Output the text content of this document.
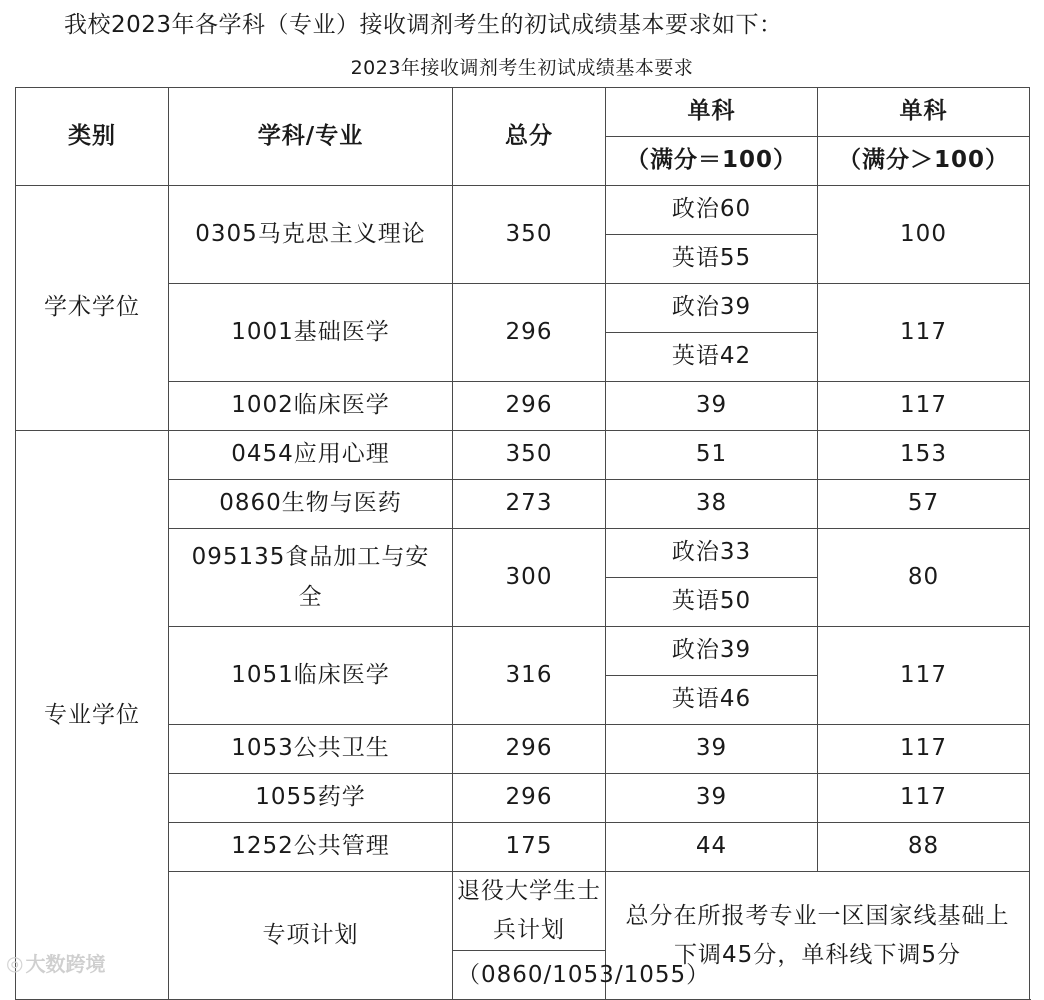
我校2023年各学科（专业）接收调剂考生的初试成绩基本要求如下：
2023年接收调剂考生初试成绩基本要求
类别	学科/专业	总分	单科	单科
			（满分＝100）	（满分＞100）
学术学位	0305马克思主义理论	350	政治60	100
			英语55	
	1001基础医学	296	政治39	117
			英语42	
	1002临床医学	296	39	117
专业学位	0454应用心理	350	51	153
	0860生物与医药	273	38	57
	095135食品加工与安全	300	政治33	80
			英语50	
	1051临床医学	316	政治39	117
			英语46	
	1053公共卫生	296	39	117
	1055药学	296	39	117
	1252公共管理	175	44	88
	专项计划	退役大学生士兵计划	总分在所报考专业一区国家线基础上下调45分，单科线下调5分	
		（0860/1053/1055）		
◎ 大数跨境
